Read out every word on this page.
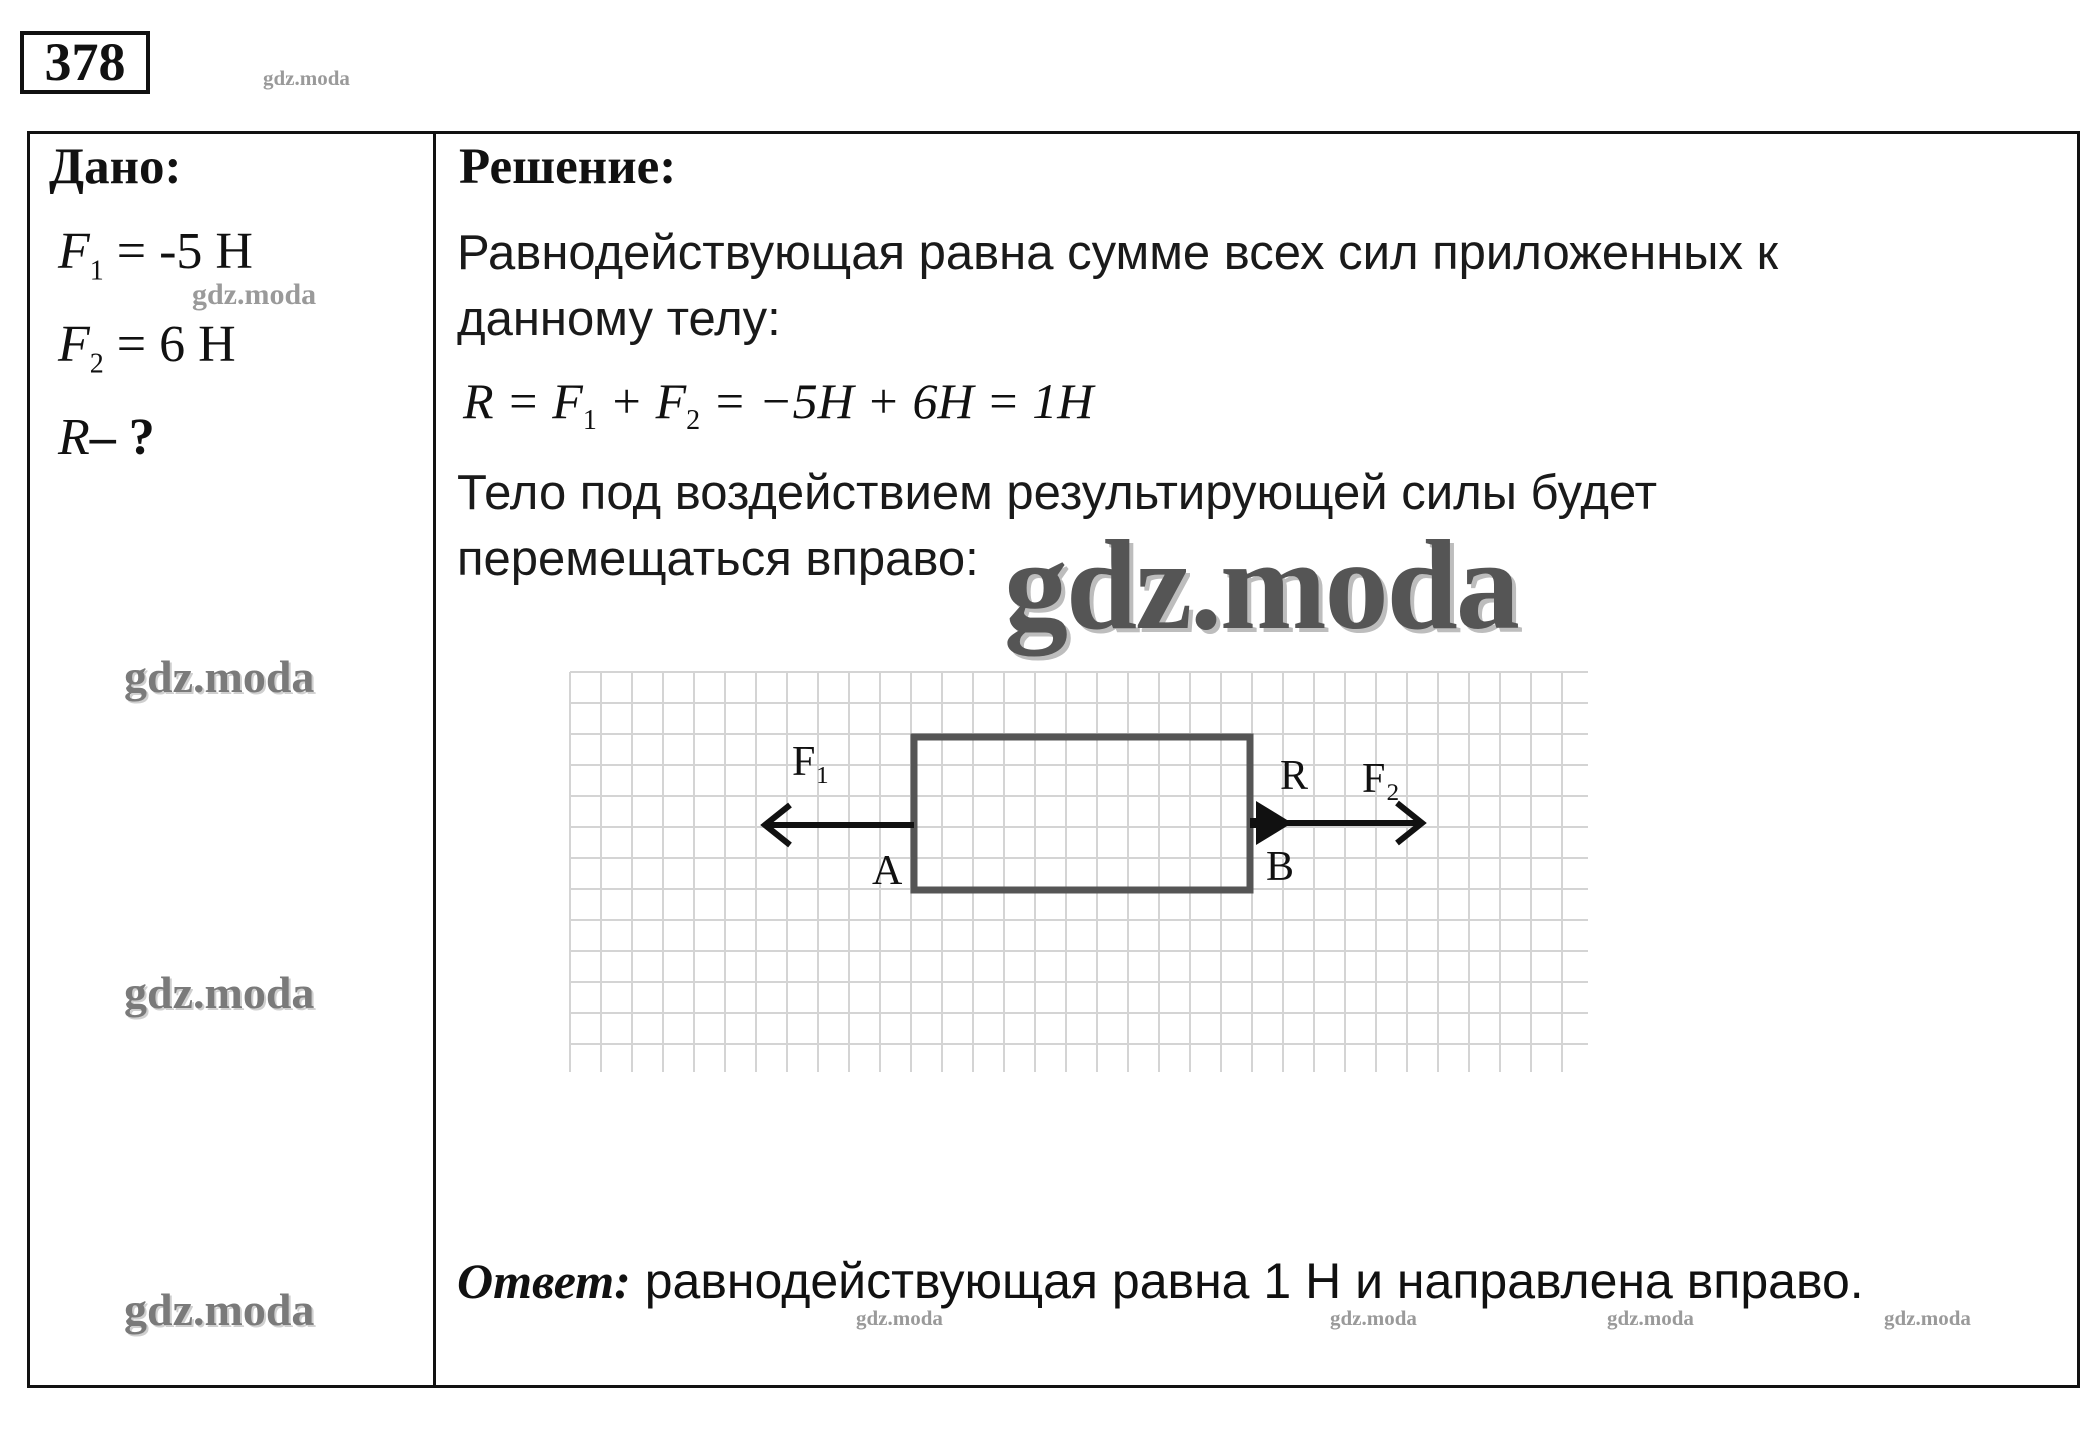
378	gdz.moda
Дано:
$F_1 = -5$ H
gdz.moda
$F_2 = 6$ H
R– ?
gdz.moda
gdz.moda
gdz.moda
Решение:
Равнодействующая равна сумме всех сил приложенных к данному телу:
$R = F_1 + F_2 = -5H + 6H = 1H$
Тело под воздействием результирующей силы будет перемещаться вправо: gdz.moda
F₁	F₂
R
A	B
Ответ: равнодействующая равна 1 Н и направлена вправо.
gdz.moda	gdz.moda	gdz.moda	gdz.moda
